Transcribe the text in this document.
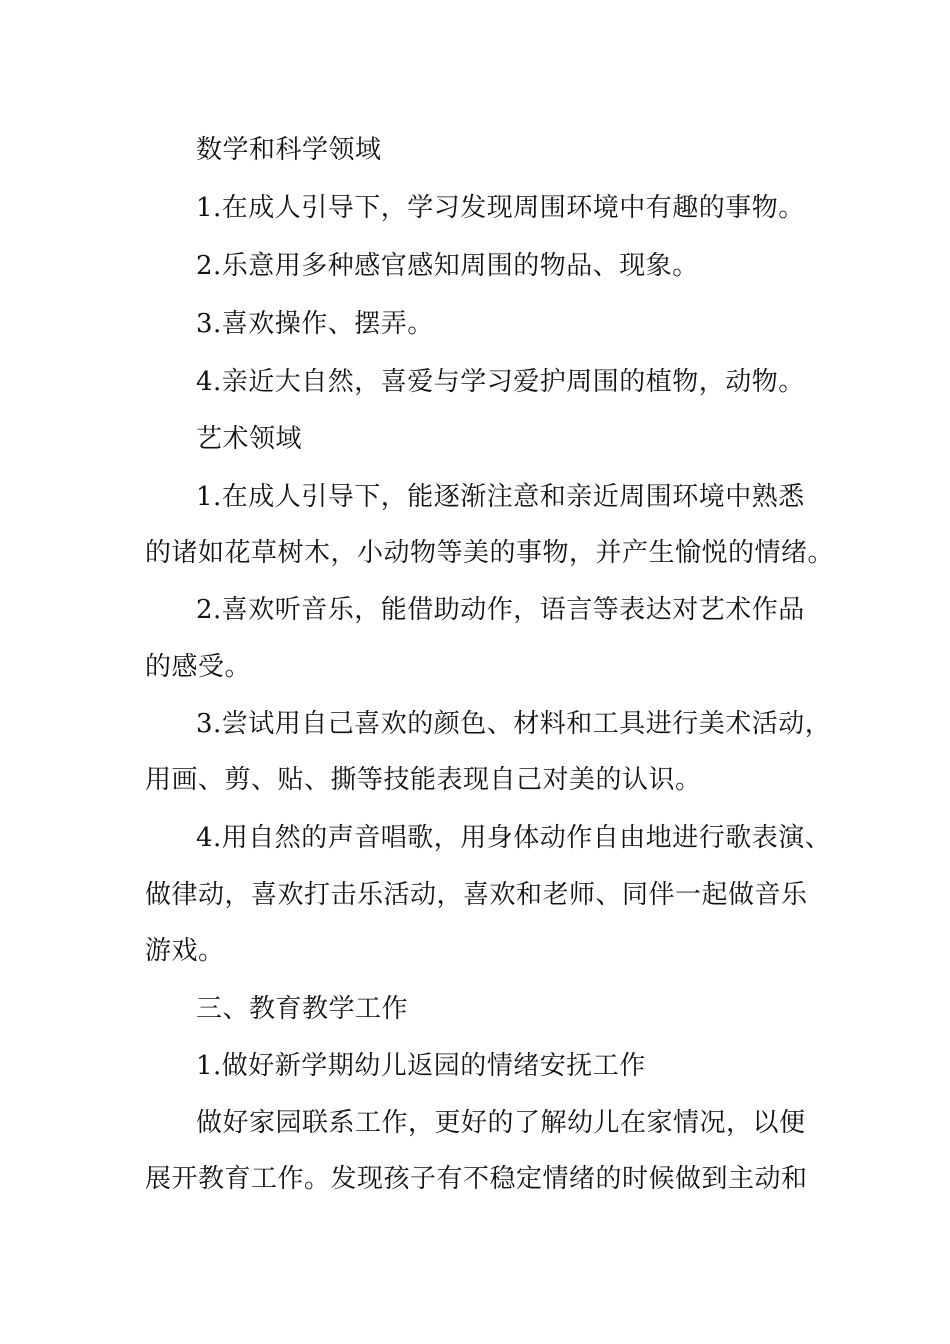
数学和科学领域
1.在成人引导下，学习发现周围环境中有趣的事物。
2.乐意用多种感官感知周围的物品、现象。
3.喜欢操作、摆弄。
4.亲近大自然，喜爱与学习爱护周围的植物，动物。
艺术领域
1.在成人引导下，能逐渐注意和亲近周围环境中熟悉
的诸如花草树木，小动物等美的事物，并产生愉悦的情绪。
2.喜欢听音乐，能借助动作，语言等表达对艺术作品
的感受。
3.尝试用自己喜欢的颜色、材料和工具进行美术活动，
用画、剪、贴、撕等技能表现自己对美的认识。
4.用自然的声音唱歌，用身体动作自由地进行歌表演、
做律动，喜欢打击乐活动，喜欢和老师、同伴一起做音乐
游戏。
三、教育教学工作
1.做好新学期幼儿返园的情绪安抚工作
做好家园联系工作，更好的了解幼儿在家情况，以便
展开教育工作。发现孩子有不稳定情绪的时候做到主动和
